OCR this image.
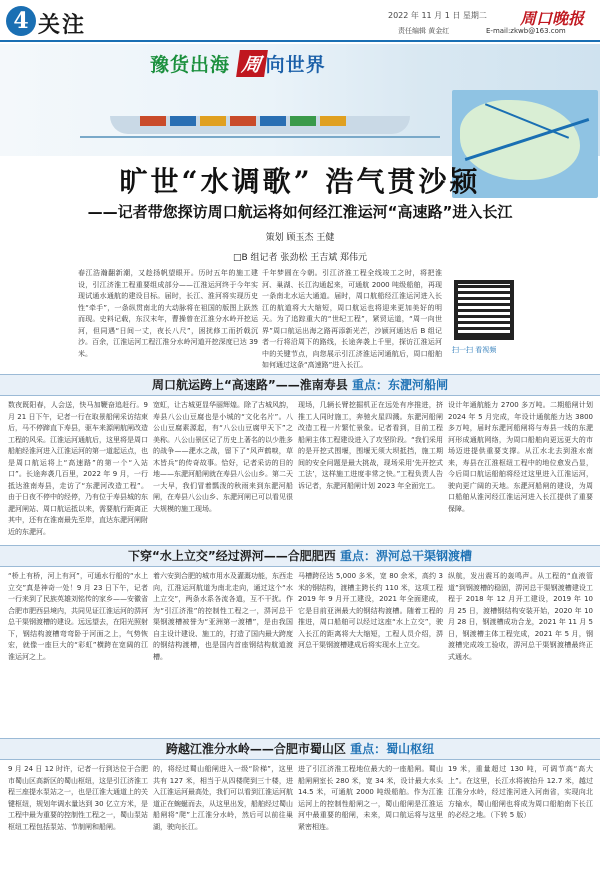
4 关注	2022 年 11 月 1 日 星期二
责任编辑 黄金红
周口晚报
E-mail:zkwb@163.com
豫货出海 周 向世界
旷世“水调歌” 浩气贯沙颍
——记者带您探访周口航运将如何经江淮运河“高速路”进入长江
策划 顾玉杰 王健
□B 组记者 张劲松 王吉斌 郑伟元
春江浩瀚翻新潮，又趁扬帆望眼开。历时五年的施工建设，引江济淮工程重要组成部分——江淮运河终于今年实现试通水通航的建设目标。届时，长江、淮河将实现历史性“牵手”，一条纵贯南北的大动脉将在祖国的版图上跃然而现。史料记载，东汉末年，曹操曾在江淮分水岭开挖运河，但同遇“日间一丈，夜长八尺”，困扰修工而折戟沉沙。百余，江淮运河工程江淮分水岭河道开挖深度已达 39 米。
千年梦圆在今朝。引江济淮工程全线竣工之时，将把淮河、巢湖、长江沟通起来，可通航 2000 吨级船舶，再现一条南北水运大通道。届时，周口航船经江淮运河进入长江的航道将大大缩短，周口航运也将迎来更加美好的明天。为了追踪重大的“世纪工程”，紧贸运道，“周一向世界”周口航运出海之路再添新光芒，沙颍河通达后 B 组记者一行将沿周下的路线，长途奔袭上千里，探访江淮运河中的关键节点，向您展示引江济淮运河通航后，周口船舶如何通过这条“高速路”进入长江。
扫一扫 看视频
周口航运跨上“高速路”——淮南寿县 重点：东淝河船闸
数夜既阳春，人会送，快马加鞭奋追赶行。9 月 21 日下午，记者一行在取景船闸采访结束后，马不停蹄直下寿县，驱车来源闸航闸改造工程的风采。江淮运河通航后，这里将是周口船舶经淮河进入江淮运河的第一道起运点，也是周口航运将上“高速路”的第一个“入站口”。长途奔袭几百里，2022 年 9 月，一行抵达淮南寿县，走访了“东淝河改造工程”。由于日夜不停中的经停，乃有位于寿县城的东淝河闸站、周口航运抵以来，需要航行距离正其中，还有在淮南最先至岸，直达东淝河闸附近的东淝河。
宽虹，让古城更显华丽辉煌。除了古城风韵，寿县八公山豆腐也是小城的“文化名片”。八公山豆腐素源起，有“八公山豆腐甲天下”之美称。八公山景区记了历史上著名的以少胜多的战争——淝水之战，留下了“风声鹤唳，草木皆兵”的传奇故事。恰好，记者采访的目的地——东淝河船闸就在寿县八公山乡。第二天一大早，我们冒着瓢泼的秋雨来到东淝河船闸，在寿县八公山乡、东淝河闸已可以看见很大规模的施工现场。
现场，几辆长臂挖掘机正在远处有序推进，挤推工人同时施工，奔驰火星四溅。东淝河船闸改造工程一片繁忙景象。记者看到，目前工程船闸主体工程建设进入了攻坚阶段。“我们采用的是开挖式围堰，围堰无须大坝抵挡，施工期间的安全问题是最大挑战，现场采用‘先开挖式工法’，这样施工进度非常之快。”工程负责人告诉记者，东淝河船闸计划 2023 年全面完工。
设计年通航能力 2700 多万吨。二期船闸计划 2024 年 5 月完成，年设计通航能力达 3800 多万吨，届时东淝河船闸将与寿县一线的东淝河形成通航网络，为周口船舶向更远更大的市场迈进提供重要支撑。从江水北去到淮水南来，寿县在江淮枢纽工程中的地位愈发凸显，今后周口航运船舶将经过这里进入江淮运河，驶向更广阔的天地。东淝河船闸的建设，为周口船舶从淮河经江淮运河进入长江提供了重要保障。
下穿“水上立交”经过淠河——合肥肥西 重点：淠河总干渠钢渡槽
“桥上有桥，河上有河”，可通水行船的“水上立交”真是神奇一处！9 月 23 日下午，记者一行来到了民族英雄刘铭传的家乡——安徽省合肥市肥西县境内，共同见证江淮运河的淠河总干渠钢渡槽的建设。远远望去，在阳光照射下，钢结构渡槽弯弯卧于河面之上，气势恢宏，就像一座巨大的“彩虹”横跨在宽阔的江淮运河之上。
着六安到合肥的城市用水及灌溉功能，东西走向，江淮运河航道为南北走向，通过这个“水上立交”，两条水系各流各道，互不干扰。作为“引江济淮”的控制性工程之一，淠河总干渠钢渡槽被誉为“亚洲第一渡槽”，是由我国自主设计建设、施工的，打造了国内最大跨度的钢结构渡槽，也是国内首座钢结构航道渡槽。
马槽跨径达 5,000 多米，宽 80 余米，高约 3 米的钢结构，渡槽主跨长约 110 米，这项工程 2019 年 9 月开工建设，2021 年全面建成，它是目前亚洲最大的钢结构渡槽。随着工程的推进，周口船舶可以经过这座“水上立交”，驶入长江的距离将大大缩短，工程人员介绍，淠河总干渠钢渡槽建成后将实现水上立交。
纵航，发出震耳的轰鸣声。从工程的“血液管道”到钢渡槽的稳固，淠河总干渠钢渡槽建设工程于 2018 年 12 月开工建设，2019 年 10 月 25 日，渡槽钢结构安装开始，2020 年 10 月 28 日，钢渡槽成功合龙，2021 年 11 月 5 日，钢渡槽主体工程完成，2021 年 5 月，钢渡槽完成竣工验收，淠河总干渠钢渡槽最终正式通水。
跨越江淮分水岭——合肥市蜀山区 重点：蜀山枢纽
9 月 24 日 12 时许，记者一行到达位于合肥市蜀山区高新区的蜀山枢纽，这是引江济淮工程三座提水泵站之一，也是江淮大通道上的关键枢纽，规划年调水量达到 30 亿立方米，是工程中最为重要的控制性工程之一，蜀山泵站枢纽工程包括泵站、节制闸和船闸。
的，将经过蜀山船闸进入一级“阶梯”，这里共有 127 米，相当于从四楼爬到三十楼，进入江淮运河最高处，我们可以看到江淮运河航道正在蜿蜒而去，从这里出发，船舶经过蜀山船闸将“爬”上江淮分水岭，然后可以前往巢湖，驶向长江。
进了引江济淮工程地位最大的一座船闸。蜀山船闸闸室长 280 米，宽 34 米，设计最大水头 14.5 米，可通航 2000 吨级船舶。作为江淮运河上的控制性船闸之一，蜀山船闸是江淮运河中最重要的船闸，未来，周口航运将与这里紧密相连。
19 米，重量超过 130 吨，可调节高“高大上”。在这里，长江水将被抬升 12.7 米，越过江淮分水岭，经过淮河进入河南省，实现向北方输水，蜀山船闸也将成为周口船舶南下长江的必经之地。（下转 5 版）
